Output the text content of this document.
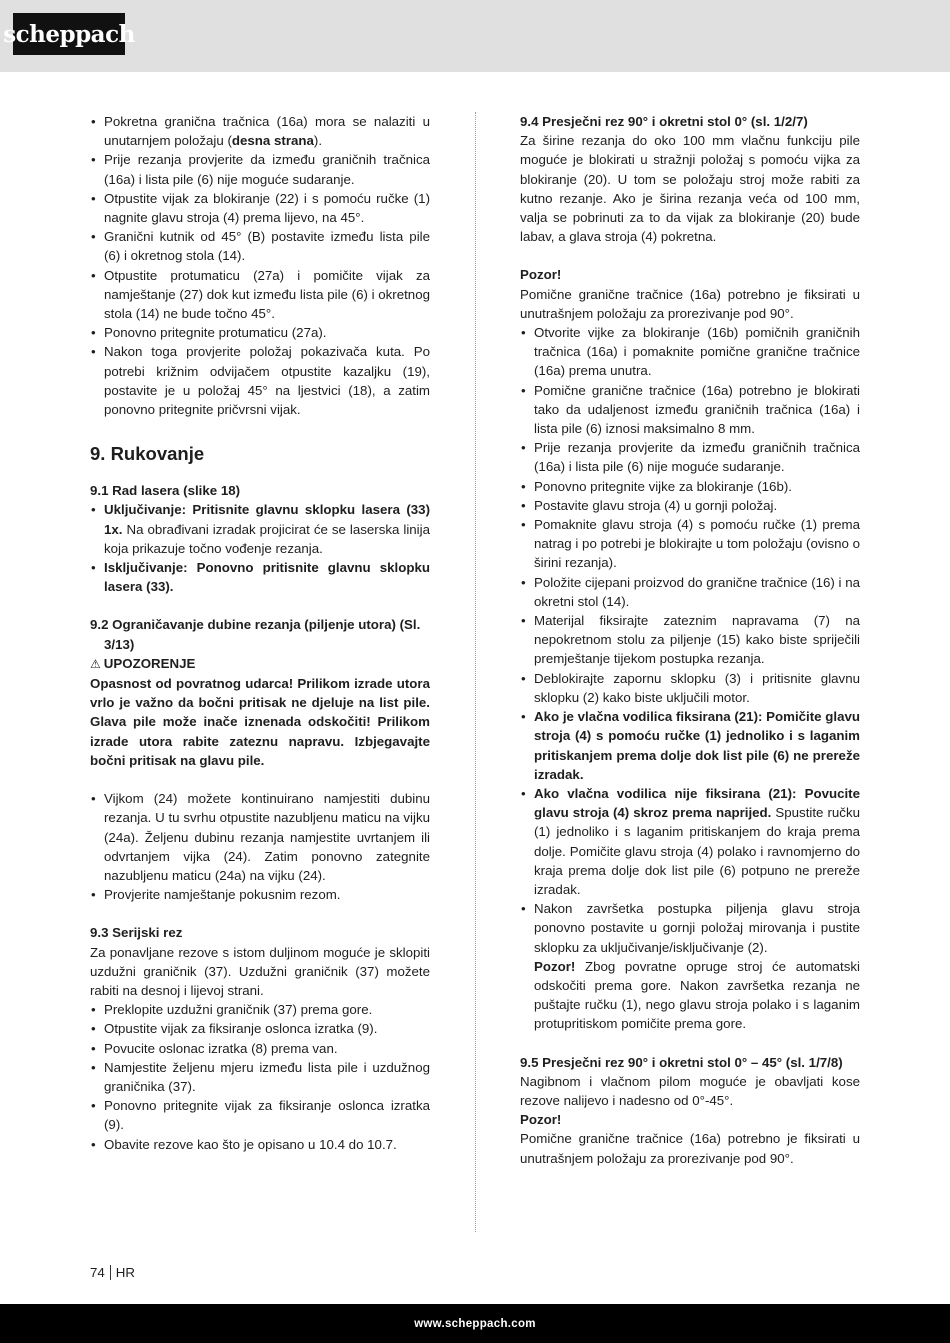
scheppach
• Pokretna granična tračnica (16a) mora se nalaziti u unutarnjem položaju (desna strana).
• Prije rezanja provjerite da između graničnih tračnica (16a) i lista pile (6) nije moguće sudaranje.
• Otpustite vijak za blokiranje (22) i s pomoću ručke (1) nagnite glavu stroja (4) prema lijevo, na 45°.
• Granični kutnik od 45° (B) postavite između lista pile (6) i okretnog stola (14).
• Otpustite protumaticu (27a) i pomičite vijak za namještanje (27) dok kut između lista pile (6) i okretnog stola (14) ne bude točno 45°.
• Ponovno pritegnite protumaticu (27a).
• Nakon toga provjerite položaj pokazivača kuta. Po potrebi križnim odvijačem otpustite kazaljku (19), postavite je u položaj 45° na ljestvici (18), a zatim ponovno pritegnite pričvrsni vijak.
9. Rukovanje

9.1 Rad lasera (slike 18)

• Uključivanje: Pritisnite glavnu sklopku lasera (33) 1x. Na obrađivani izradak projicirat će se laserska linija koja prikazuje točno vođenje rezanja.
• Isključivanje: Ponovno pritisnite glavnu sklopku lasera (33).

9.2 Ograničavanje dubine rezanja (piljenje utora) (Sl. 3/13)

⚠ UPOZORENJE

Opasnost od povratnog udarca! Prilikom izrade utora vrlo je važno da bočni pritisak ne djeluje na list pile. Glava pile može inače iznenada odskočiti! Prilikom izrade utora rabite zateznu napravu. Izbjegavajte bočni pritisak na glavu pile.

• Vijkom (24) možete kontinuirano namjestiti dubinu rezanja. U tu svrhu otpustite nazubljenu maticu na vijku (24a). Željenu dubinu rezanja namjestite uvrtanjem ili odvrtanjem vijka (24). Zatim ponovno zategnite nazubljenu maticu (24a) na vijku (24).
• Provjerite namještanje pokusnim rezom.

9.3 Serijski rez

Za ponavljane rezove s istom duljinom moguće je sklopiti uzdužni graničnik (37). Uzdužni graničnik (37) možete rabiti na desnoj i lijevoj strani.

• Preklopite uzdužni graničnik (37) prema gore.
• Otpustite vijak za fiksiranje oslonca izratka (9).
• Povucite oslonac izratka (8) prema van.
• Namjestite željenu mjeru između lista pile i uzdužnog graničnika (37).
• Ponovno pritegnite vijak za fiksiranje oslonca izratka (9).
• Obavite rezove kao što je opisano u 10.4 do 10.7.

9.4 Presječni rez 90° i okretni stol 0° (sl. 1/2/7)

Za širine rezanja do oko 100 mm vlačnu funkciju pile moguće je blokirati u stražnji položaj s pomoću vijka za blokiranje (20). U tom se položaju stroj može rabiti za kutno rezanje. Ako je širina rezanja veća od 100 mm, valja se pobrinuti za to da vijak za blokiranje (20) bude labav, a glava stroja (4) pokretna.

Pozor!

Pomične granične tračnice (16a) potrebno je fiksirati u unutrašnjem položaju za prorezivanje pod 90°.

• Otvorite vijke za blokiranje (16b) pomičnih graničnih tračnica (16a) i pomaknite pomične granične tračnice (16a) prema unutra.
• Pomične granične tračnice (16a) potrebno je blokirati tako da udaljenost između graničnih tračnica (16a) i lista pile (6) iznosi maksimalno 8 mm.
• Prije rezanja provjerite da između graničnih tračnica (16a) i lista pile (6) nije moguće sudaranje.
• Ponovno pritegnite vijke za blokiranje (16b).
• Postavite glavu stroja (4) u gornji položaj.
• Pomaknite glavu stroja (4) s pomoću ručke (1) prema natrag i po potrebi je blokirajte u tom položaju (ovisno o širini rezanja).
• Položite cijepani proizvod do granične tračnice (16) i na okretni stol (14).
• Materijal fiksirajte zateznim napravama (7) na nepokretnom stolu za piljenje (15) kako biste spriječili premještanje tijekom postupka rezanja.
• Deblokirajte zapornu sklopku (3) i pritisnite glavnu sklopku (2) kako biste uključili motor.
• Ako je vlačna vodilica fiksirana (21): Pomičite glavu stroja (4) s pomoću ručke (1) jednoliko i s laganim pritiskanjem prema dolje dok list pile (6) ne prereže izradak.
• Ako vlačna vodilica nije fiksirana (21): Povucite glavu stroja (4) skroz prema naprijed. Spustite ručku (1) jednoliko i s laganim pritiskanjem do kraja prema dolje. Pomičite glavu stroja (4) polako i ravnomjerno do kraja prema dolje dok list pile (6) potpuno ne prereže izradak.
• Nakon završetka postupka piljenja glavu stroja ponovno postavite u gornji položaj mirovanja i pustite sklopku za uključivanje/isključivanje (2).

Pozor! Zbog povratne opruge stroj će automatski odskočiti prema gore. Nakon završetka rezanja ne puštajte ručku (1), nego glavu stroja polako i s laganim protupritiskom pomičite prema gore.

9.5 Presječni rez 90° i okretni stol 0° – 45° (sl. 1/7/8)

Nagibnom i vlačnom pilom moguće je obavljati kose rezove nalijevo i nadesno od 0°-45°.

Pozor!

Pomične granične tračnice (16a) potrebno je fiksirati u unutrašnjem položaju za prorezivanje pod 90°.

74 HR
www.scheppach.com
